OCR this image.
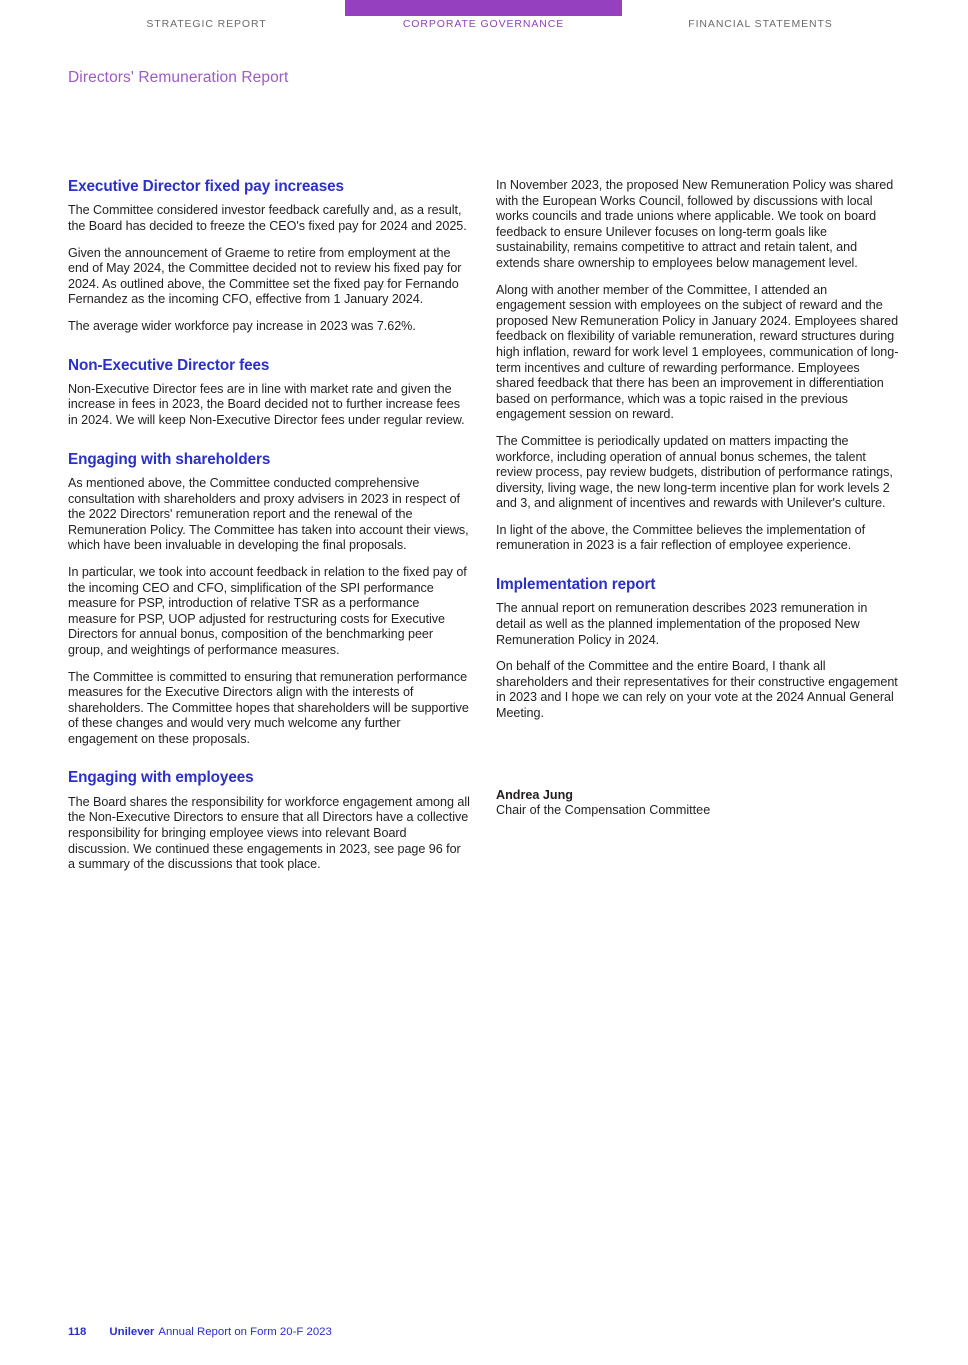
STRATEGIC REPORT	CORPORATE GOVERNANCE	FINANCIAL STATEMENTS
Directors' Remuneration Report
Executive Director fixed pay increases

The Committee considered investor feedback carefully and, as a result, the Board has decided to freeze the CEO's fixed pay for 2024 and 2025.

Given the announcement of Graeme to retire from employment at the end of May 2024, the Committee decided not to review his fixed pay for 2024. As outlined above, the Committee set the fixed pay for Fernando Fernandez as the incoming CFO, effective from 1 January 2024.

The average wider workforce pay increase in 2023 was 7.62%.

Non-Executive Director fees

Non-Executive Director fees are in line with market rate and given the increase in fees in 2023, the Board decided not to further increase fees in 2024. We will keep Non-Executive Director fees under regular review.

Engaging with shareholders

As mentioned above, the Committee conducted comprehensive consultation with shareholders and proxy advisers in 2023 in respect of the 2022 Directors' remuneration report and the renewal of the Remuneration Policy. The Committee has taken into account their views, which have been invaluable in developing the final proposals.

In particular, we took into account feedback in relation to the fixed pay of the incoming CEO and CFO, simplification of the SPI performance measure for PSP, introduction of relative TSR as a performance measure for PSP, UOP adjusted for restructuring costs for Executive Directors for annual bonus, composition of the benchmarking peer group, and weightings of performance measures.

The Committee is committed to ensuring that remuneration performance measures for the Executive Directors align with the interests of shareholders. The Committee hopes that shareholders will be supportive of these changes and would very much welcome any further engagement on these proposals.

Engaging with employees

The Board shares the responsibility for workforce engagement among all the Non-Executive Directors to ensure that all Directors have a collective responsibility for bringing employee views into relevant Board discussion. We continued these engagements in 2023, see page 96 for a summary of the discussions that took place.

In November 2023, the proposed New Remuneration Policy was shared with the European Works Council, followed by discussions with local works councils and trade unions where applicable. We took on board feedback to ensure Unilever focuses on long-term goals like sustainability, remains competitive to attract and retain talent, and extends share ownership to employees below management level.

Along with another member of the Committee, I attended an engagement session with employees on the subject of reward and the proposed New Remuneration Policy in January 2024. Employees shared feedback on flexibility of variable remuneration, reward structures during high inflation, reward for work level 1 employees, communication of long-term incentives and culture of rewarding performance. Employees shared feedback that there has been an improvement in differentiation based on performance, which was a topic raised in the previous engagement session on reward.

The Committee is periodically updated on matters impacting the workforce, including operation of annual bonus schemes, the talent review process, pay review budgets, distribution of performance ratings, diversity, living wage, the new long-term incentive plan for work levels 2 and 3, and alignment of incentives and rewards with Unilever's culture.

In light of the above, the Committee believes the implementation of remuneration in 2023 is a fair reflection of employee experience.

Implementation report

The annual report on remuneration describes 2023 remuneration in detail as well as the planned implementation of the proposed New Remuneration Policy in 2024.

On behalf of the Committee and the entire Board, I thank all shareholders and their representatives for their constructive engagement in 2023 and I hope we can rely on your vote at the 2024 Annual General Meeting.

Andrea Jung
Chair of the Compensation Committee
118 Unilever Annual Report on Form 20-F 2023
